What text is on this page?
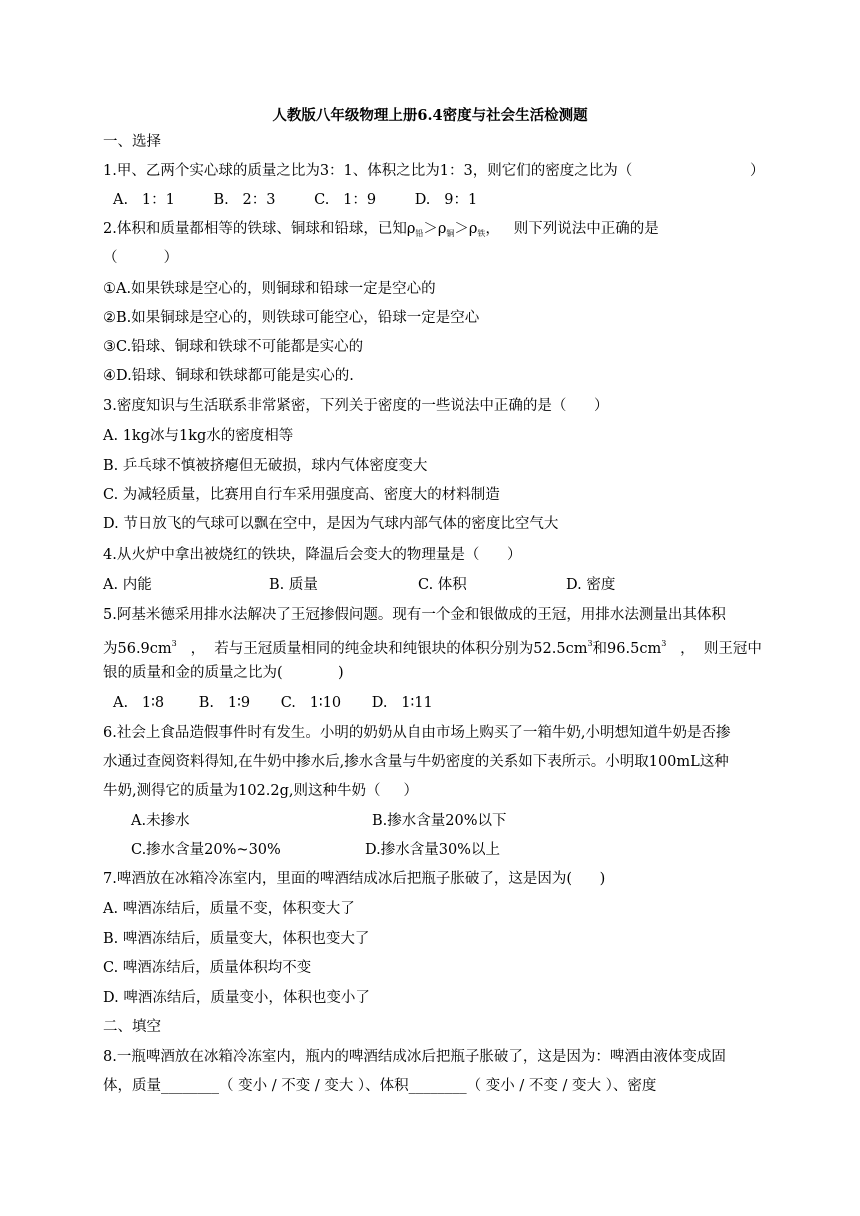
人教版八年级物理上册6.4密度与社会生活检测题
一、选择
1.甲、乙两个实心球的质量之比为3：1、体积之比为1：3，则它们的密度之比为（	）
A.   1：1	B.   2：3	C.   1：9	D.   9：1
2.体积和质量都相等的铁球、铜球和铅球，已知$\rho_铅>\rho_铜>\rho_铁$，   则下列说法中正确的是
（          ）
①A.如果铁球是空心的，则铜球和铅球一定是空心的
②B.如果铜球是空心的，则铁球可能空心，铅球一定是空心
③C.铅球、铜球和铁球不可能都是实心的
④D.铅球、铜球和铁球都可能是实心的.
3.密度知识与生活联系非常紧密，下列关于密度的一些说法中正确的是（      ）
A. 1kg冰与1kg水的密度相等
B. 乒乓球不慎被挤瘪但无破损，球内气体密度变大
C. 为减轻质量，比赛用自行车采用强度高、密度大的材料制造
D. 节日放飞的气球可以飘在空中，是因为气球内部气体的密度比空气大
4.从火炉中拿出被烧红的铁块，降温后会变大的物理量是（      ）
A. 内能	B. 质量	C. 体积	D. 密度
5.阿基米德采用排水法解决了王冠掺假问题。现有一个金和银做成的王冠，用排水法测量出其体积
为$56.9cm^3$   ，  若与王冠质量相同的纯金块和纯银块的体积分别为$52.5cm^3$和$96.5cm^3$   ，  则王冠中
银的质量和金的质量之比为(            )
A.   1∶8 B.   1∶9 C.   1∶10 D.   1∶11
6.社会上食品造假事件时有发生。小明的奶奶从自由市场上购买了一箱牛奶,小明想知道牛奶是否掺
水通过查阅资料得知,在牛奶中掺水后,掺水含量与牛奶密度的关系如下表所示。小明取100mL这种
牛奶,测得它的质量为102.2g,则这种牛奶（     ）
A.未掺水	B.掺水含量20%以下
C.掺水含量20%~30%	D.掺水含量30%以上
7.啤酒放在冰箱冷冻室内，里面的啤酒结成冰后把瓶子胀破了，这是因为(      )
A. 啤酒冻结后，质量不变，体积变大了
B. 啤酒冻结后，质量变大，体积也变大了
C. 啤酒冻结后，质量体积均不变
D. 啤酒冻结后，质量变小，体积也变小了
二、填空
8.一瓶啤酒放在冰箱冷冻室内，瓶内的啤酒结成冰后把瓶子胀破了，这是因为：啤酒由液体变成固
体，质量________（ 变小 / 不变 / 变大 ）、体积________（ 变小 / 不变 / 变大 ）、密度
